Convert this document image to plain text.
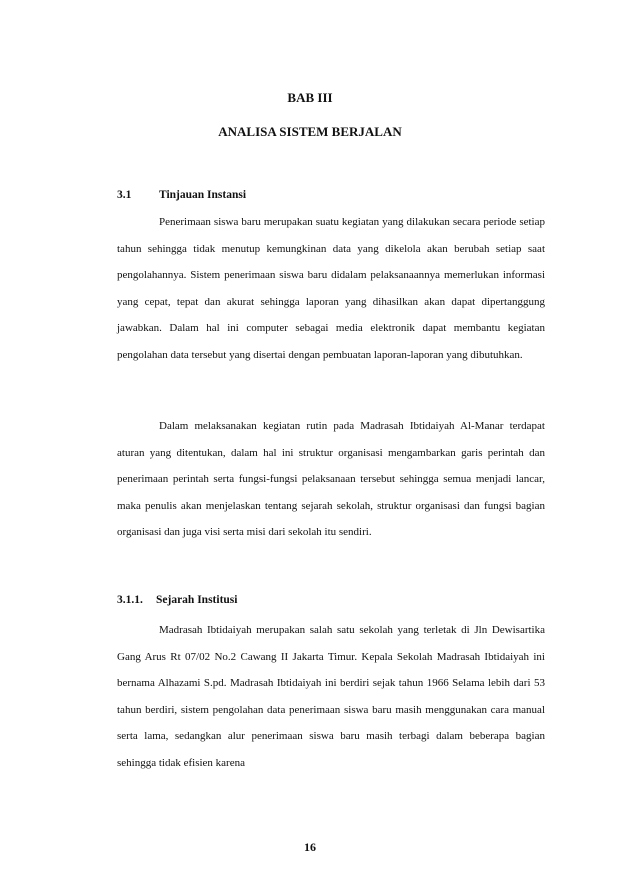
BAB III
ANALISA SISTEM BERJALAN
3.1 Tinjauan Instansi

Penerimaan siswa baru merupakan suatu kegiatan yang dilakukan secara periode setiap tahun sehingga tidak menutup kemungkinan data yang dikelola akan berubah setiap saat pengolahannya. Sistem penerimaan siswa baru didalam pelaksanaannya memerlukan informasi yang cepat, tepat dan akurat sehingga laporan yang dihasilkan akan dapat dipertanggung jawabkan. Dalam hal ini computer sebagai media elektronik dapat membantu kegiatan pengolahan data tersebut yang disertai dengan pembuatan laporan-laporan yang dibutuhkan.

Dalam melaksanakan kegiatan rutin pada Madrasah Ibtidaiyah Al-Manar terdapat aturan yang ditentukan, dalam hal ini struktur organisasi mengambarkan garis perintah dan penerimaan perintah serta fungsi-fungsi pelaksanaan tersebut sehingga semua menjadi lancar, maka penulis akan menjelaskan tentang sejarah sekolah, struktur organisasi dan fungsi bagian organisasi dan juga visi serta misi dari sekolah itu sendiri.

3.1.1. Sejarah Institusi

Madrasah Ibtidaiyah merupakan salah satu sekolah yang terletak di Jln Dewisartika Gang Arus Rt 07/02 No.2 Cawang II Jakarta Timur. Kepala Sekolah Madrasah Ibtidaiyah ini bernama Alhazami S.pd. Madrasah Ibtidaiyah ini berdiri sejak tahun 1966 Selama lebih dari 53 tahun berdiri, sistem pengolahan data penerimaan siswa baru masih menggunakan cara manual serta lama, sedangkan alur penerimaan siswa baru masih terbagi dalam beberapa bagian sehingga tidak efisien karena

16
